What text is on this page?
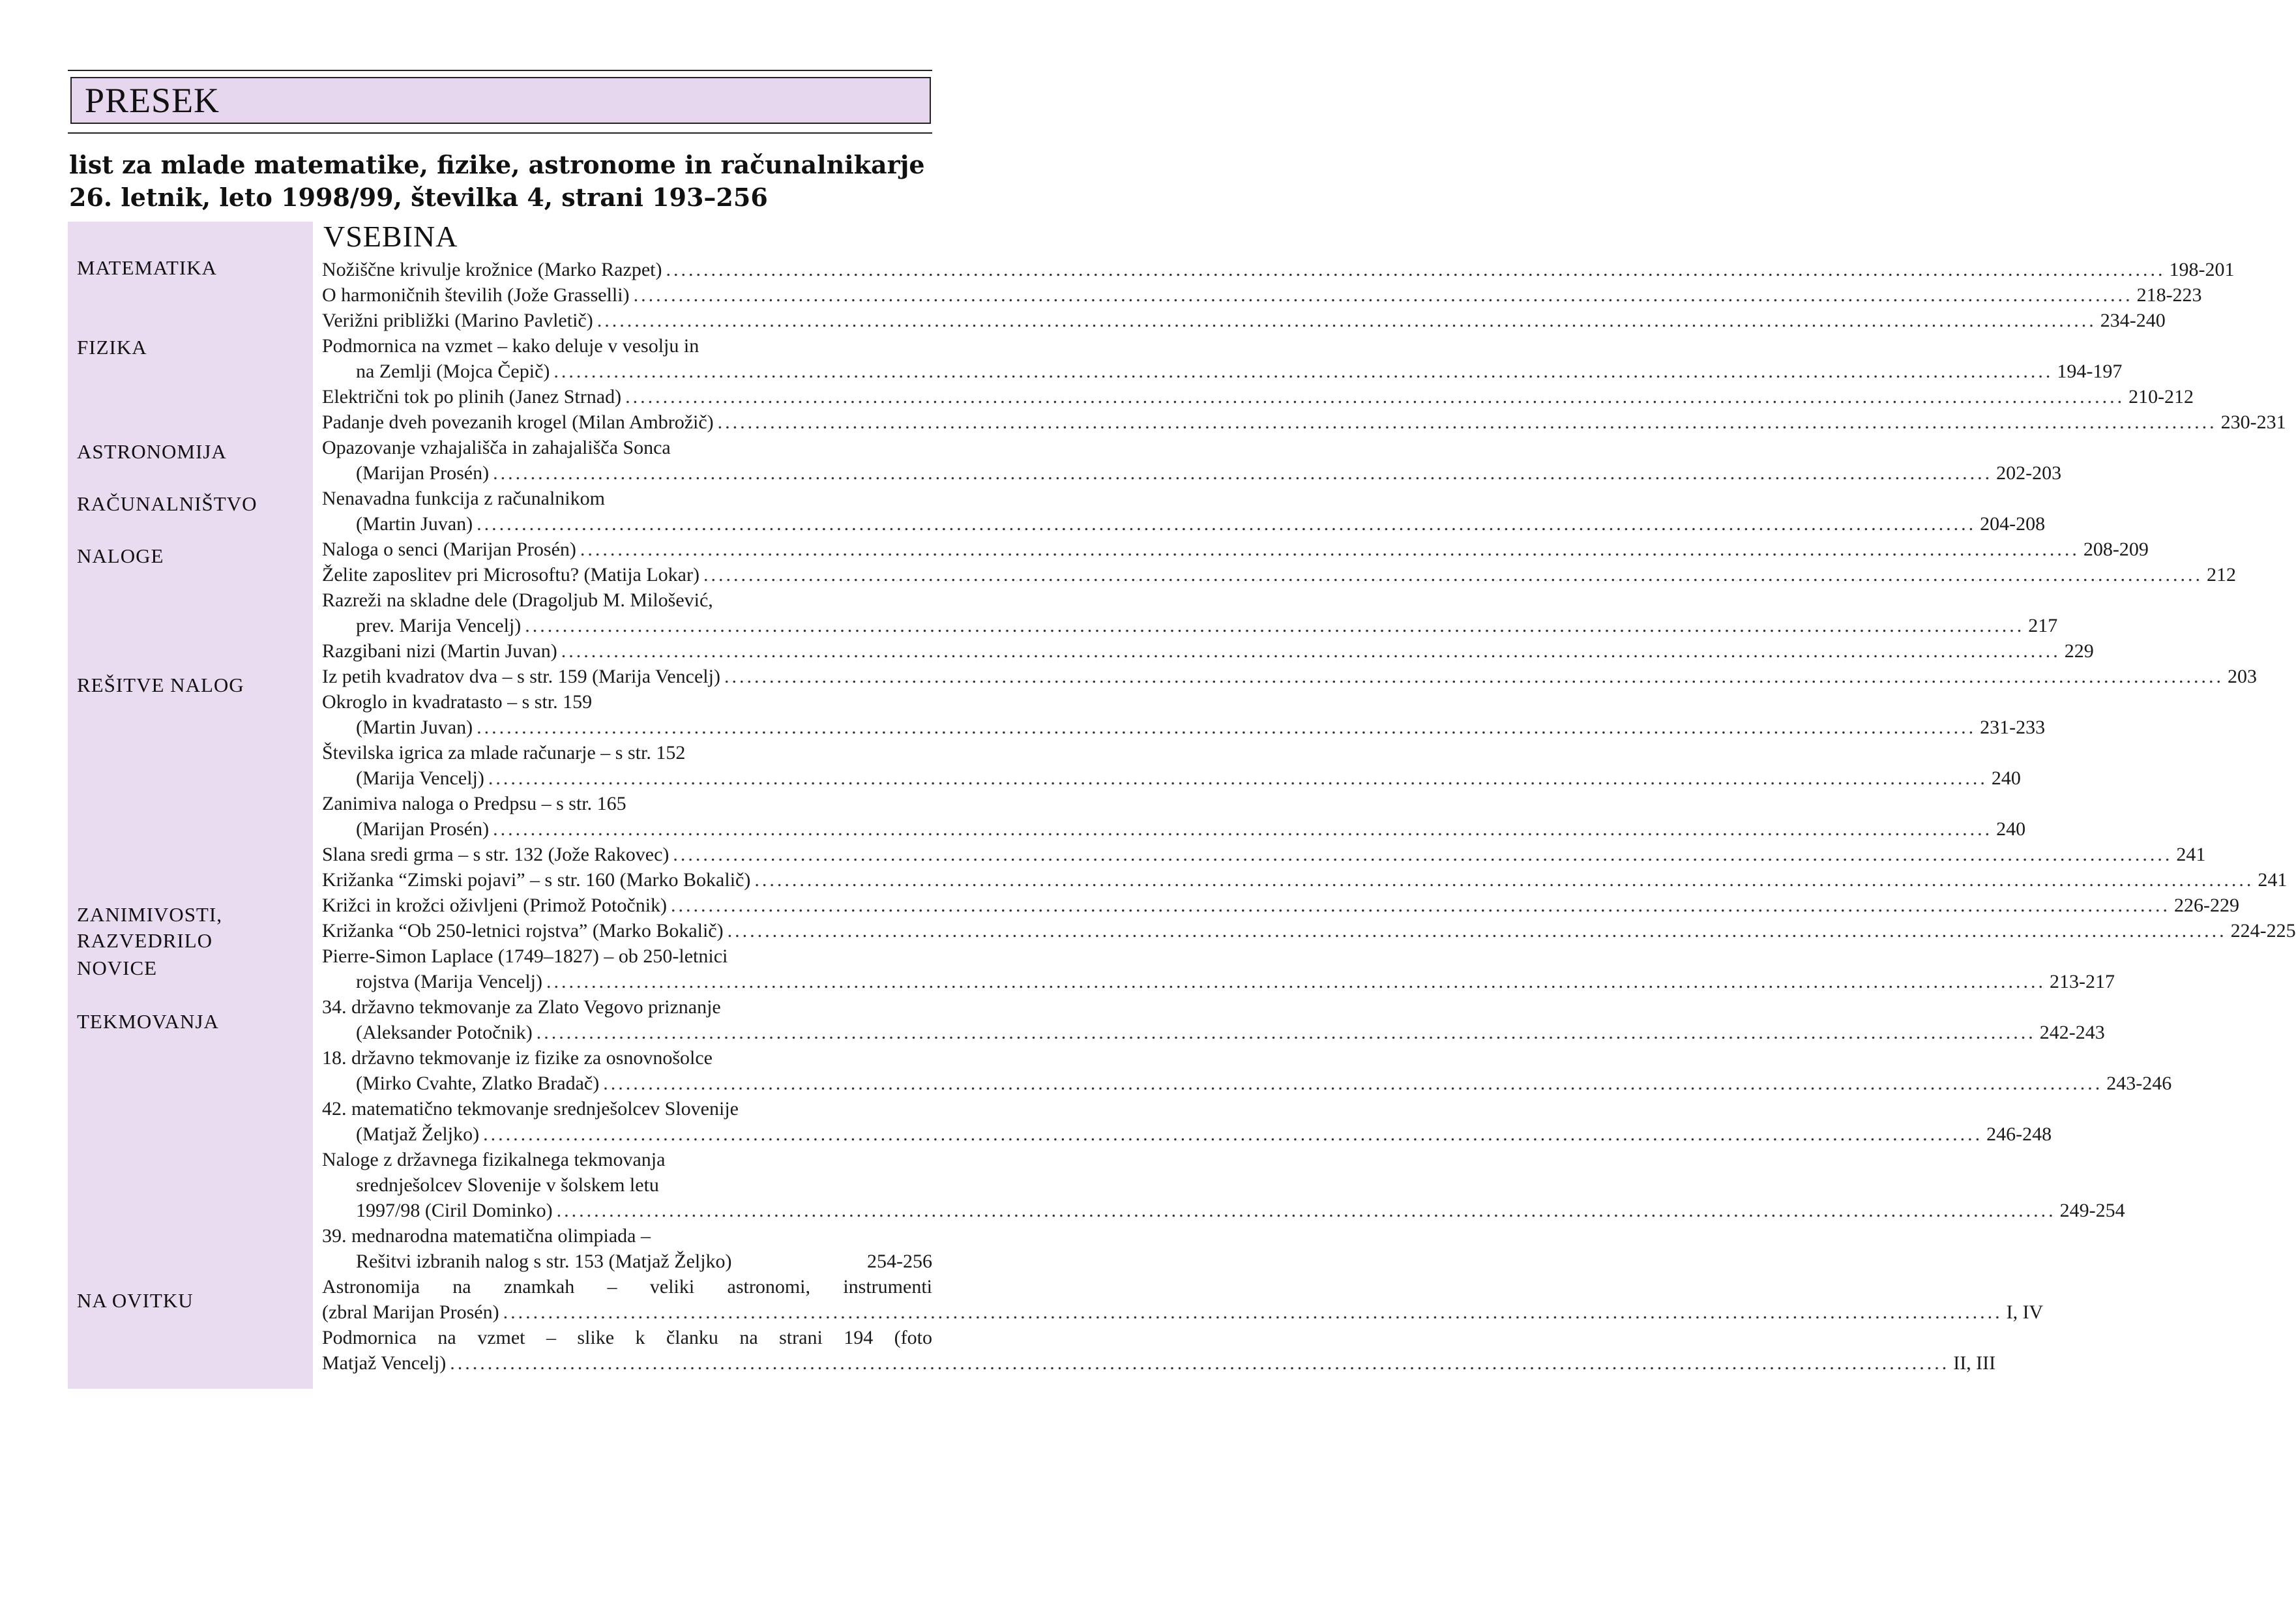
PRESEK
list za mlade matematike, fizike, astronome in računalnikarje
26. letnik, leto 1998/99, številka 4, strani 193–256
MATEMATIKA
FIZIKA
ASTRONOMIJA
RAČUNALNIŠTVO
NALOGE
REŠITVE NALOG
ZANIMIVOSTI,
RAZVEDRILO
NOVICE
TEKMOVANJA
NA OVITKU
VSEBINA
Nožiščne krivulje krožnice (Marko Razpet) .....	198-201
O harmoničnih številih (Jože Grasselli) .....	218-223
Verižni približki (Marino Pavletič) .....	234-240
Podmornica na vzmet – kako deluje v vesolju in
na Zemlji (Mojca Čepič) .....	194-197
Električni tok po plinih (Janez Strnad) .....	210-212
Padanje dveh povezanih krogel (Milan Ambrožič) .....	230-231
Opazovanje vzhajališča in zahajališča Sonca
(Marijan Prosén) .....	202-203
Nenavadna funkcija z računalnikom
(Martin Juvan) .....	204-208
Naloga o senci (Marijan Prosén) .....	208-209
Želite zaposlitev pri Microsoftu? (Matija Lokar) .....	212
Razreži na skladne dele (Dragoljub M. Milošević,
prev. Marija Vencelj) .....	217
Razgibani nizi (Martin Juvan) .....	229
Iz petih kvadratov dva – s str. 159 (Marija Vencelj) .....	203
Okroglo in kvadratasto – s str. 159
(Martin Juvan) .....	231-233
Številska igrica za mlade računarje – s str. 152
(Marija Vencelj) .....	240
Zanimiva naloga o Predpsu – s str. 165
(Marijan Prosén) .....	240
Slana sredi grma – s str. 132 (Jože Rakovec) .....	241
Križanka “Zimski pojavi” – s str. 160 (Marko Bokalič) .....	241
Križci in krožci oživljeni (Primož Potočnik) .....	226-229
Križanka “Ob 250-letnici rojstva” (Marko Bokalič) .....	224-225
Pierre-Simon Laplace (1749–1827) – ob 250-letnici
rojstva (Marija Vencelj) .....	213-217
34. državno tekmovanje za Zlato Vegovo priznanje
(Aleksander Potočnik) .....	242-243
18. državno tekmovanje iz fizike za osnovnošolce
(Mirko Cvahte, Zlatko Bradač) .....	243-246
42. matematično tekmovanje srednješolcev Slovenije
(Matjaž Željko) .....	246-248
Naloge z državnega fizikalnega tekmovanja
srednješolcev Slovenije v šolskem letu
1997/98 (Ciril Dominko) .....	249-254
39. mednarodna matematična olimpiada –
Rešitvi izbranih nalog s str. 153 (Matjaž Željko)	254-256
Astronomija na znamkah – veliki astronomi, instrumenti
(zbral Marijan Prosén) .....	I, IV
Podmornica na vzmet – slike k članku na strani 194 (foto
Matjaž Vencelj) .....	II, III
